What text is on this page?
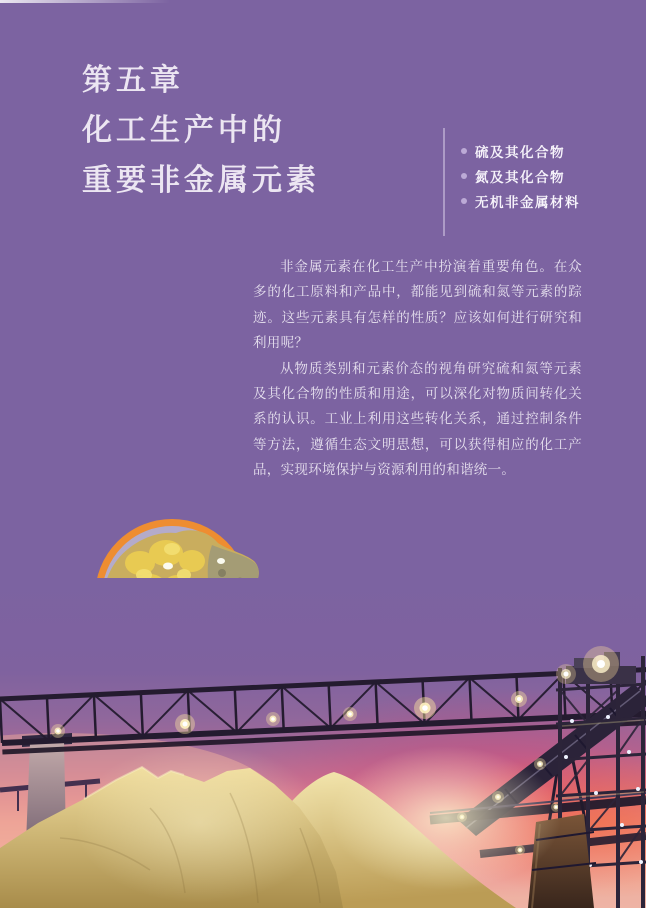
第五章
化工生产中的
重要非金属元素
硫及其化合物
氮及其化合物
无机非金属材料

非金属元素在化工生产中扮演着重要角色。在众多的化工原料和产品中，都能见到硫和氮等元素的踪迹。这些元素具有怎样的性质？应该如何进行研究和利用呢？

从物质类别和元素价态的视角研究硫和氮等元素及其化合物的性质和用途，可以深化对物质间转化关系的认识。工业上利用这些转化关系，通过控制条件等方法，遵循生态文明思想，可以获得相应的化工产品，实现环境保护与资源利用的和谐统一。
